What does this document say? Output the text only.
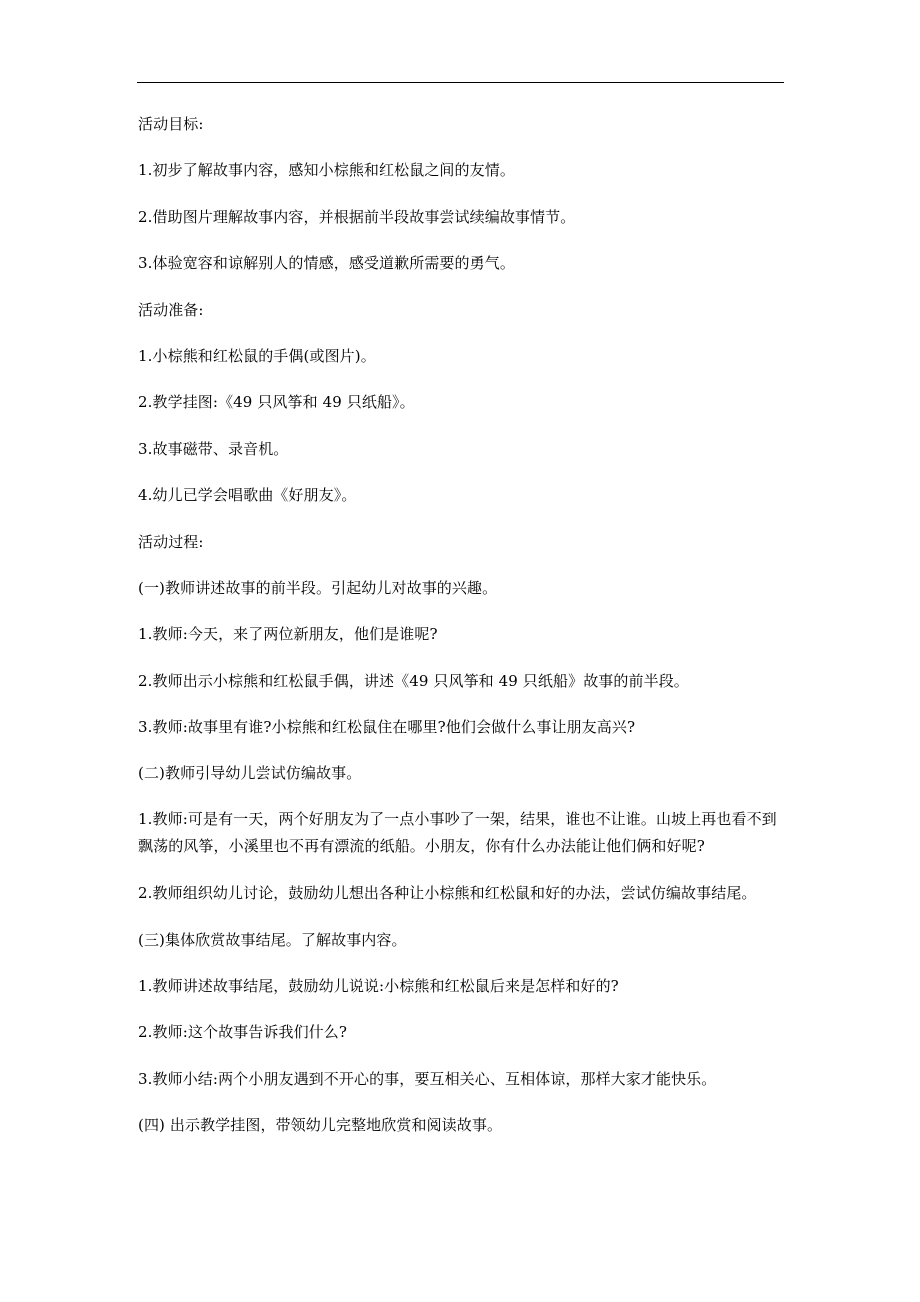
活动目标:

1.初步了解故事内容，感知小棕熊和红松鼠之间的友情。

2.借助图片理解故事内容，并根据前半段故事尝试续编故事情节。

3.体验宽容和谅解别人的情感，感受道歉所需要的勇气。

活动准备:

1.小棕熊和红松鼠的手偶(或图片)。

2.教学挂图:《49 只风筝和 49 只纸船》。

3.故事磁带、录音机。

4.幼儿已学会唱歌曲《好朋友》。

活动过程:

(一)教师讲述故事的前半段。引起幼儿对故事的兴趣。

1.教师:今天，来了两位新朋友，他们是谁呢?

2.教师出示小棕熊和红松鼠手偶，讲述《49 只风筝和 49 只纸船》故事的前半段。

3.教师:故事里有谁?小棕熊和红松鼠住在哪里?他们会做什么事让朋友高兴?

(二)教师引导幼儿尝试仿编故事。

1.教师:可是有一天，两个好朋友为了一点小事吵了一架，结果，谁也不让谁。山坡上再也看不到飘荡的风筝，小溪里也不再有漂流的纸船。小朋友，你有什么办法能让他们俩和好呢?

2.教师组织幼儿讨论，鼓励幼儿想出各种让小棕熊和红松鼠和好的办法，尝试仿编故事结尾。

(三)集体欣赏故事结尾。了解故事内容。

1.教师讲述故事结尾，鼓励幼儿说说:小棕熊和红松鼠后来是怎样和好的?

2.教师:这个故事告诉我们什么?

3.教师小结:两个小朋友遇到不开心的事，要互相关心、互相体谅，那样大家才能快乐。

(四) 出示教学挂图，带领幼儿完整地欣赏和阅读故事。
